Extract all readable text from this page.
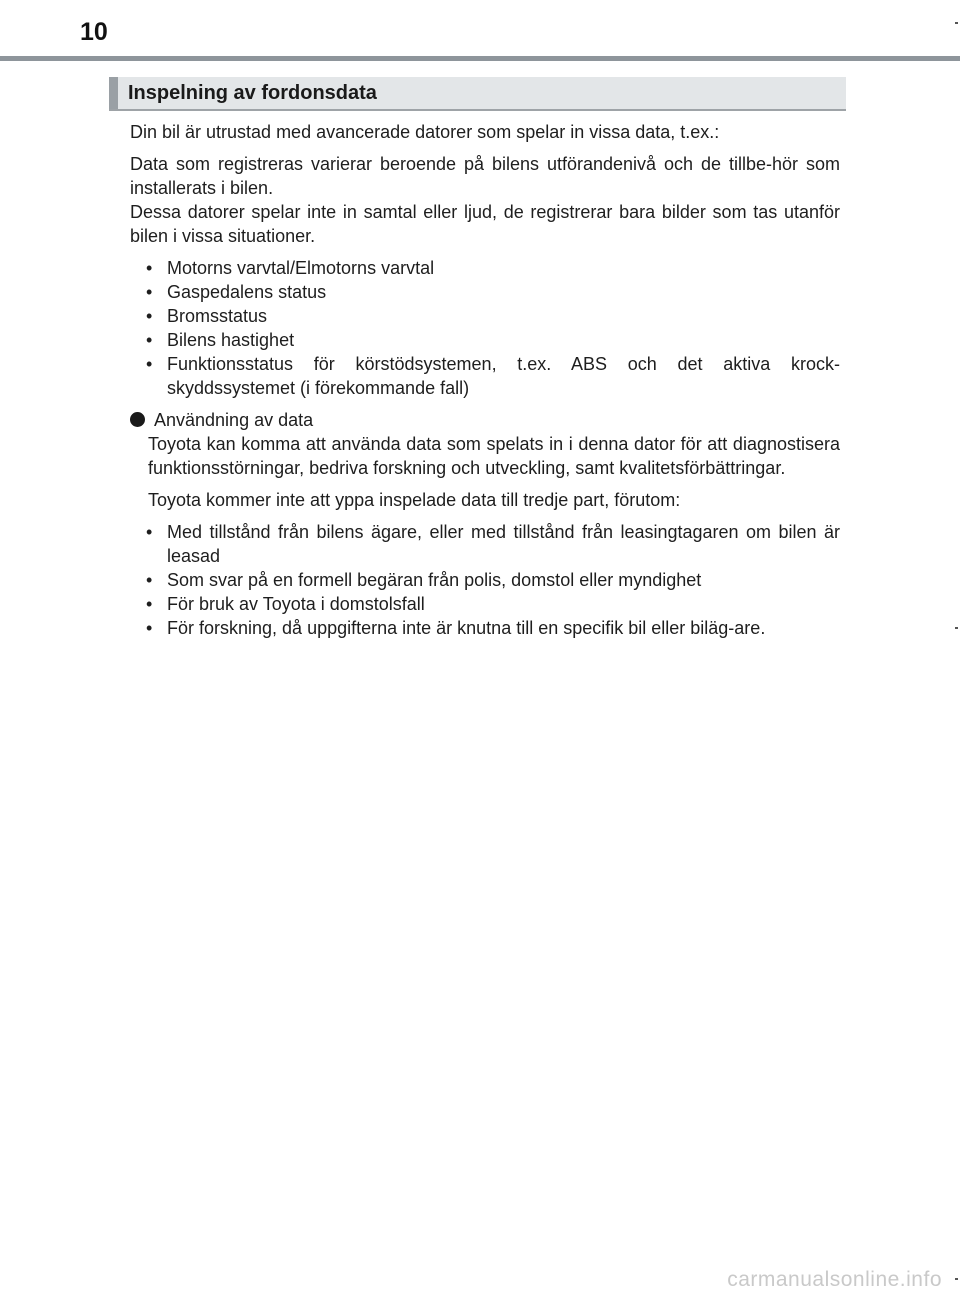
10
Inspelning av fordonsdata

Din bil är utrustad med avancerade datorer som spelar in vissa data, t.ex.:

Data som registreras varierar beroende på bilens utförandenivå och de tillbe-hör som installerats i bilen.

Dessa datorer spelar inte in samtal eller ljud, de registrerar bara bilder som tas utanför bilen i vissa situationer.

• Motorns varvtal/Elmotorns varvtal
• Gaspedalens status
• Bromsstatus
• Bilens hastighet
• Funktionsstatus för körstödsystemen, t.ex. ABS och det aktiva krock-skyddssystemet (i förekommande fall)
Användning av data

Toyota kan komma att använda data som spelats in i denna dator för att diagnostisera funktionsstörningar, bedriva forskning och utveckling, samt kvalitetsförbättringar.

Toyota kommer inte att yppa inspelade data till tredje part, förutom:

• Med tillstånd från bilens ägare, eller med tillstånd från leasingtagaren om bilen är leasad
• Som svar på en formell begäran från polis, domstol eller myndighet
• För bruk av Toyota i domstolsfall
• För forskning, då uppgifterna inte är knutna till en specifik bil eller biläg-are.
carmanualsonline.info
